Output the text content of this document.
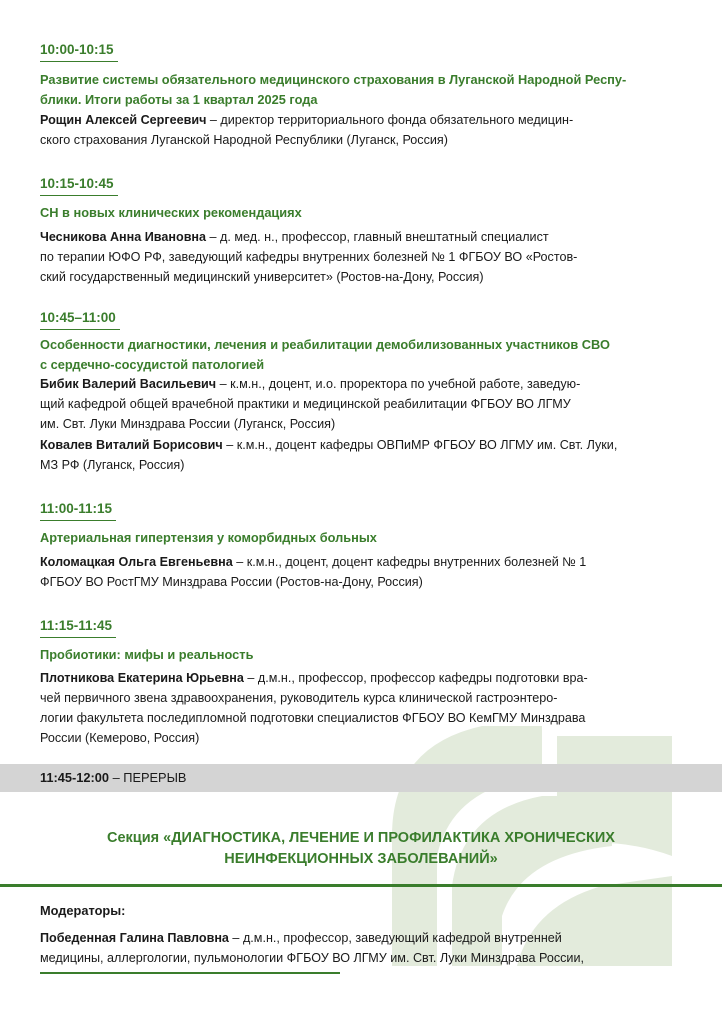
10:00-10:15
Развитие системы обязательного медицинского страхования в Луганской Народной Респу-
блики. Итоги работы за 1 квартал 2025 года
Рощин Алексей Сергеевич – директор территориального фонда обязательного медицин-
ского страхования Луганской Народной Республики (Луганск, Россия)
10:15-10:45
СН в новых клинических рекомендациях
Чесникова Анна Ивановна – д. мед. н., профессор, главный внештатный специалист
по терапии ЮФО РФ, заведующий кафедры внутренних болезней № 1 ФГБОУ ВО «Ростов-
ский государственный медицинский университет» (Ростов-на-Дону, Россия)
10:45–11:00
Особенности диагностики, лечения и реабилитации демобилизованных участников СВО
с сердечно-сосудистой патологией
Бибик Валерий Васильевич – к.м.н., доцент, и.о. проректора по учебной работе, заведую-
щий кафедрой общей врачебной практики и медицинской реабилитации ФГБОУ ВО ЛГМУ
им. Свт. Луки Минздрава России (Луганск, Россия)
Ковалев Виталий Борисович – к.м.н., доцент кафедры ОВПиМР ФГБОУ ВО ЛГМУ им. Свт. Луки,
МЗ РФ (Луганск, Россия)
11:00-11:15
Артериальная гипертензия у коморбидных больных
Коломацкая Ольга Евгеньевна – к.м.н., доцент, доцент кафедры внутренних болезней № 1
ФГБОУ ВО РостГМУ Минздрава России (Ростов-на-Дону, Россия)
11:15-11:45
Пробиотики: мифы и реальность
Плотникова Екатерина Юрьевна – д.м.н., профессор, профессор кафедры подготовки вра-
чей первичного звена здравоохранения, руководитель курса клинической гастроэнтеро-
логии факультета последипломной подготовки специалистов ФГБОУ ВО КемГМУ Минздрава
России (Кемерово, Россия)
11:45-12:00 – ПЕРЕРЫВ
Секция «ДИАГНОСТИКА, ЛЕЧЕНИЕ И ПРОФИЛАКТИКА ХРОНИЧЕСКИХ
НЕИНФЕКЦИОННЫХ ЗАБОЛЕВАНИЙ»
Модераторы:
Победенная Галина Павловна – д.м.н., профессор, заведующий кафедрой внутренней
медицины, аллергологии, пульмонологии ФГБОУ ВО ЛГМУ им. Свт. Луки Минздрава России,
